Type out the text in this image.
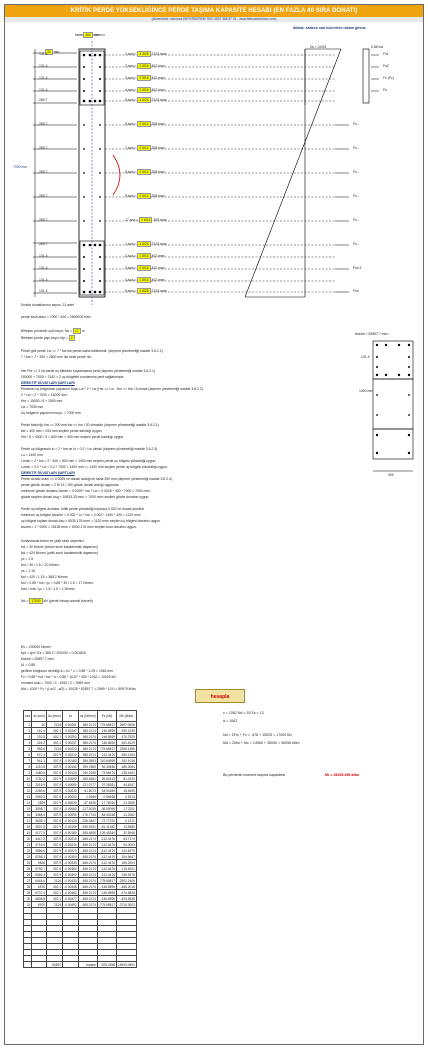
KRİTİK PERDE YÜKSEKLİĞİNCE PERDE TAŞIMA KAPASİTE HESABI (EN FAZLA 40 SIRA DONATI)
(düzenleme: mimarca DEFERDEREM TEKİ 0537 386 97 01 - www.betonarmeburo.com)
dikkat: sadece sarı hücrelere rakam giriniz.
bw = 400 mm
30 mm
7000 mm
Ɛs = 0.003	0.85 fcd
131.4
131.4
131.4
131.4
269.7
269.7
269.7
269.7
269.7
269.7
269.7
131.4
131.4
131.4
131.4
1.sıra = 4 Ø26 2124 mm²
2.sıra = 2 Ø16 402 mm²
3.sıra = 2 Ø16 402 mm²
4.sıra = 2 Ø16 402 mm²
5.sıra = 4 Ø26 2124 mm²
6.sıra = 2 Ø14 308 mm²
7.sıra = 2 Ø14 308 mm²
8.sıra = 2 Ø14 308 mm²
9.sıra = 2 Ø14 308 mm²
17.sıra = 2 Ø14 308 mm²
1.sıra = 4 Ø26 2124 mm²
2.sıra = 2 Ø16 402 mm²
3.sıra = 2 Ø16 402 mm²
4.sıra = 2 Ø16 402 mm²
5.sıra = 4 Ø26 2124 mm²
Fs1
Fs2
Fc (Fc)
Fs
Fs...
Fs...
Fs...
Fs...
Fs...
Fs...
Fsn-1
Fsn
Sıralar donatılarının sayısı: 21 adet
perde kesit alanı = 7000 * 400 = 2800000 mm²
Birleşen perdenin uçlü boyu: hw = 17 m
Birleşen perde yapı boyu: ktp = 2
Perde gibi perde Lw >= 7 * bw ise perde kabul edilecektir. (deprem yönetmeliği madde 3.6.2.2)
7 * bw = 7 * 400 = 2800 mm ise kesit perde 'dir.
Her Pcr => 2 ve perde uç etkisinin soylamasına perit (deprem yönetmeliği madde 3.6.2.1)
150000 > 7000 = 2142 > 2 uç bölgeleri sınırlanmış perit sağlanmıştır.
DİREKTİF DÜVATLARI ŞARTLARI
Perdenin uç bölgesinin yapısının boyu Lw * 2 * Lw (Hcr >= Lw - Hcr >= Hw / 6 olmalı (deprem yönetmeliği madde 3.6.2.2)
2 * Lw = 2 * 7000 = 14000 mm
Hcr = 15000 / 6 = 2500 mm
Lw = 7000 mm
Uç bölgenin yapısının boyu: = 7000 mm
Perde kalınlığı: bw >= 200 mm bw >= hcr / 20 olmalıdır (deprem yönetmeliği madde 3.6.2.1)
bw = 400 mm > 200 mm seçilen perde kalınlığı uygun.
Hcr / 5 = 4000 / 5 = 800 mm > 400 mm seçilen perde kalınlığı uygun.
Perde uç bölgesinin lu = 2 * bw ve lu = 0.2 * Lw olmalı (deprem yönetmeliği madde 3.6.2.3)
Lu = 1400 mm
Lumin = 2 * bw = 2 * 400 = 800 mm < 1400 mm seçilen perde uç bölgesi yüksekliği uygun.
Lumin = 0.2 * Lw = 0.2 * 7000 = 1400 mm <= 1400 mm seçilen perde uç bölgesi yüksekliği uygun.
DİREKTİF DÜVATLARI ŞARTLARI
Perde donatı oranı >= 0.0025 ve donatı aralığı en fazla 250 mm (deprem yönetmeliği madde 3.6.2.4)
perde gövde donatı = 2 Ø 14 / 150 gövde donatı aralığı uygundur.
minimum gövde donatısı Asmin = 0.0025 * bw * Lw = 0.0025 * 400 * 7000 = 7000 mm²
gövde seçilen donatı Asg = 16933.33 mm² > 7000 mm² seçilen gövde donatısı uygun.
Perde uç bölgesi donatısı: kritik perde yüksekliği boyunca 0.002 ve donatı yüzdesi
minimum uç bölgesi Asumin = 0.002 * Lu * bw = 0.002 * 1400 * 400 = 1120 mm²
uç bölgesi toplam donatı Asu = 6930.176 mm² > 1120 mm² seçilen uç bölgesi donatısı uygun.
Asutm = 2 * 9200 = 15136 mm² > 6930.176 mm² seçilen kutu donatısı uygun.
Asetot = 52897.7 mm²
400
131.4
1400 mm
Kullanılacak beton ve çelik sınıfı seçimleri
fck = 30 N/mm² (beton sınıfı karakteristik dayanımı)
fyk = 420 N/mm² (çelik sınıfı karakteristik dayanımı)
γc = 1.5
fcd = 30 / 1.5 = 20 N/mm²
γs = 1.15
fyd = 420 / 1.15 = 365.2 N/mm²
fcd = 0.85 * fck / γc = 0.85 * 30 / 1.5 = 17 N/mm²
fctd = fctk / γc = 1.5 / 1.5 = 1 N/mm²
Nd = 17000 kN (perde hesap normal kuvveti)
Es = 200000 N/mm²
εyd = fyd / Es = 365.2 / 200000 = 0.001826
Asetot = 52897.7 mm²
k1 = 0.85
gerilme bloğunun derinliği a = k1 * c = 0.85 * 1.25 = 1062 mm
Fc = 0.85 * fcd * bw * a = 0.85 * 16.67 * 400 * 1062 = 10025 kN
moment kolu = 7000 / 2 - 1062 / 2 = 2969 mm
Md = 1000 * Fc * (Lw/2 - a/2) = 10025 * 52897.7 = 2969 * 10.0 = 50979 kNm
hesapla
c = 1062 Nd = 53 Fs = 13
a = 1062
Nd = ΣFsi + Fc = -978 + 10025 = 17000 kN
Md = ΣMsi + Mc = 14960 + 36000 = 45296 kNm
Bu perdenin moment taşıma kapasitesi	Mr = 45293.496 kNm
sıra	ds (mm)	As (mm²)	εs	σs (N/mm²)	Fs (kN)	Ms (kNm)
1	30	2124	0.00281	365.2174	775.65817	2697.0906
2	161.4	402.1	0.00267	365.2174	146.8595	490.1339
3	292.8	402.1	0.00252	365.2174	146.8595	470.7529
4	424.2	402.1	0.00237	365.2174	146.8595	451.5129
5	555.6	2124	0.00223	365.2174	775.65817	2259.1456
6	671.4	307.9	0.00210	365.2174	112.4476	283.4154
7	941.1	307.9	0.00180	359.3593	110.64598	252.1036
8	1210.8	307.9	0.00150	299.7889	92.30536	185.2084
9	1480.5	307.9	0.00120	240.2185	73.96474	128.4452
10	1750.2	307.9	0.00090	180.6481	55.62413	81.3133
11	2019.9	307.9	0.00060	121.0777	37.28351	44.6157
12	2289.6	307.9	0.00030	61.5073	18.94289	18.4539
13	2559.3	307.9	-0.00000	1.9369	0.59638	0.5213
14	2829	307.9	-0.00030	-57.6335	-17.75034	-13.3256
15	3098.7	307.9	-0.00060	-117.2039	-36.09096	-17.3211
16	3368.4	307.9	-0.00090	-176.7743	-54.43158	-11.2262
17	3638.1	307.9	-0.00120	-236.3447	-72.77220	-0.1312
18	3907.8	307.9	-0.00150	-295.9151	-91.11282	13.5489
19	4177.5	307.9	-0.00180	-355.4855	-109.45344	32.5946
20	4447.2	307.9	-0.00210	-365.2174	-112.4476	63.7174
21	4716.9	307.9	-0.00240	-365.2174	-112.4476	94.3093
22	4986.6	307.9	-0.00270	-365.2174	-112.4476	124.6370
23	5256.3	307.9	-0.00300	-365.2174	-112.4476	154.9647
24	5526	307.9	-0.00330	-365.2174	-112.4476	185.2924
25	5795.7	307.9	-0.00360	-365.2174	-112.4476	215.6201
26	6065.4	307.9	-0.00390	-365.2174	-112.4476	245.9478
27	6444.6	2124	-0.00433	-365.2174	-775.65817	-2302.2406
28	6576	402.1	-0.00448	-365.2174	-146.8595	-455.2016
29	6707.4	402.1	-0.00462	-365.2174	-146.8595	-474.5826
30	6838.8	402.1	-0.00477	-365.2174	-146.8595	-493.9636
31	6970	2124	-0.00492	-365.2174	-775.65817	-2710.3003

		52897		toplam	-975.4358	14923.0491
